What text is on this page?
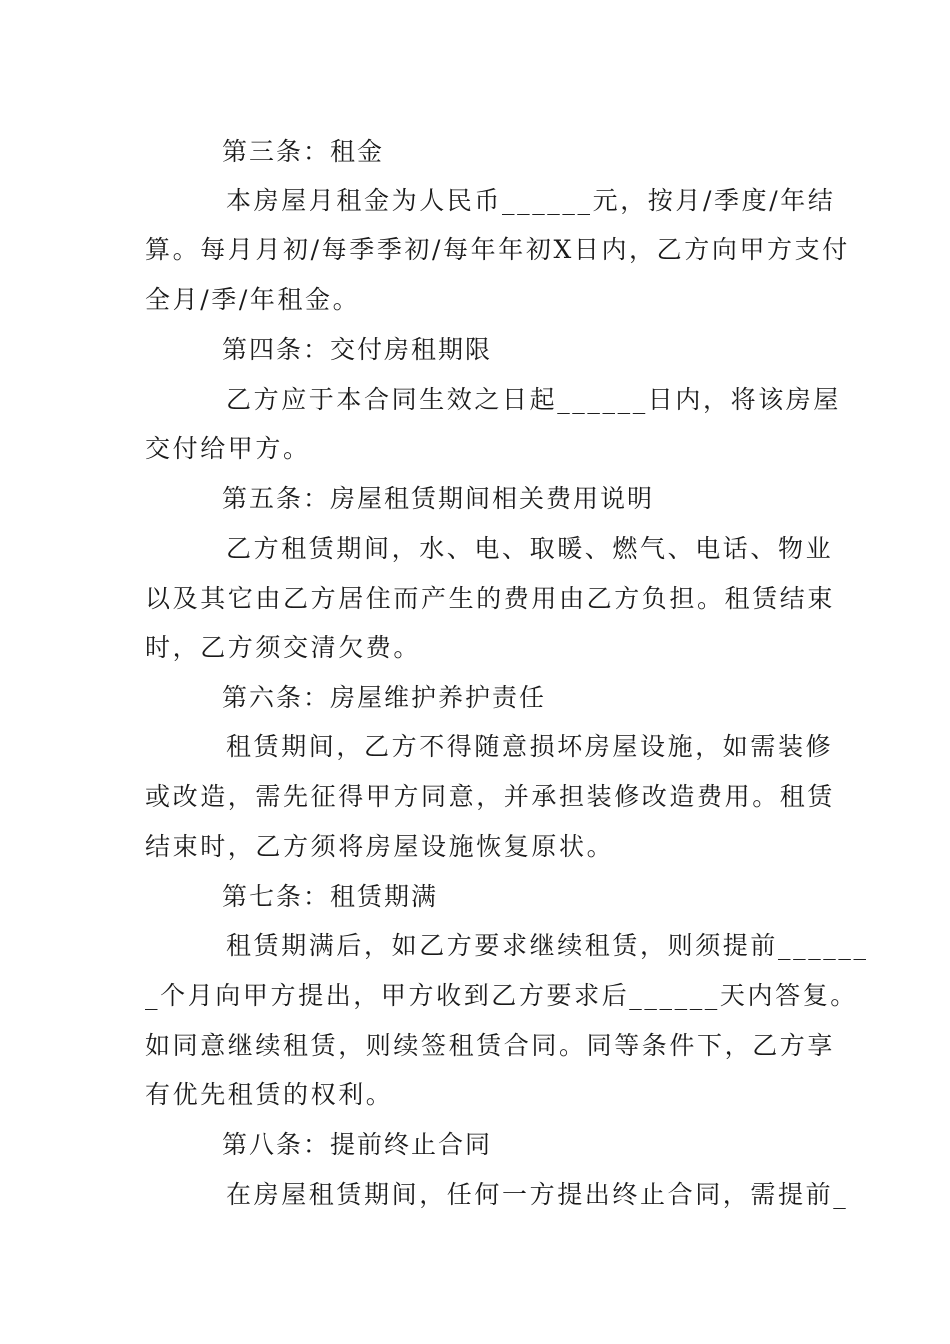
第三条：租金
本房屋月租金为人民币______元，按月/季度/年结
算。每月月初/每季季初/每年年初X日内，乙方向甲方支付
全月/季/年租金。
第四条：交付房租期限
乙方应于本合同生效之日起______日内，将该房屋
交付给甲方。
第五条：房屋租赁期间相关费用说明
乙方租赁期间，水、电、取暖、燃气、电话、物业
以及其它由乙方居住而产生的费用由乙方负担。租赁结束
时，乙方须交清欠费。
第六条：房屋维护养护责任
租赁期间，乙方不得随意损坏房屋设施，如需装修
或改造，需先征得甲方同意，并承担装修改造费用。租赁
结束时，乙方须将房屋设施恢复原状。
第七条：租赁期满
租赁期满后，如乙方要求继续租赁，则须提前______
_个月向甲方提出，甲方收到乙方要求后______天内答复。
如同意继续租赁，则续签租赁合同。同等条件下，乙方享
有优先租赁的权利。
第八条：提前终止合同
在房屋租赁期间，任何一方提出终止合同，需提前_
